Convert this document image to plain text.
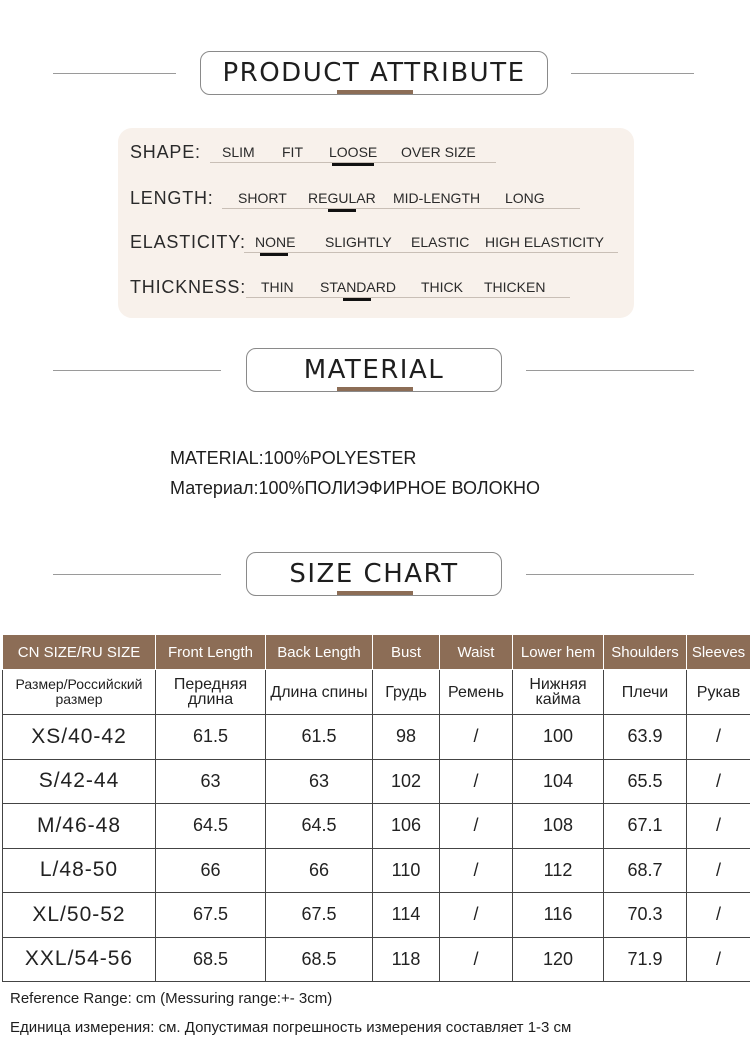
PRODUCT ATTRIBUTE
SHAPE: SLIM FIT LOOSE OVER SIZE
LENGTH: SHORT REGULAR MID-LENGTH LONG
ELASTICITY: NONE SLIGHTLY ELASTIC HIGH ELASTICITY
THICKNESS: THIN STANDARD THICK THICKEN
MATERIAL
MATERIAL:100%POLYESTER
Материал:100%ПОЛИЭФИРНОЕ ВОЛОКНО
SIZE CHART
CN SIZE/RU SIZE	Front Length	Back Length	Bust	Waist	Lower hem	Shoulders	Sleeves
Размер/Российский размер	Передняя длина	Длина спины	Грудь	Ремень	Нижняя кайма	Плечи	Рукав
XS/40-42	61.5	61.5	98	/	100	63.9	/
S/42-44	63	63	102	/	104	65.5	/
M/46-48	64.5	64.5	106	/	108	67.1	/
L/48-50	66	66	110	/	112	68.7	/
XL/50-52	67.5	67.5	114	/	116	70.3	/
XXL/54-56	68.5	68.5	118	/	120	71.9	/
Reference Range: cm (Messuring range:+- 3cm)
Единица измерения: см. Допустимая погрешность измерения составляет 1-3 см
